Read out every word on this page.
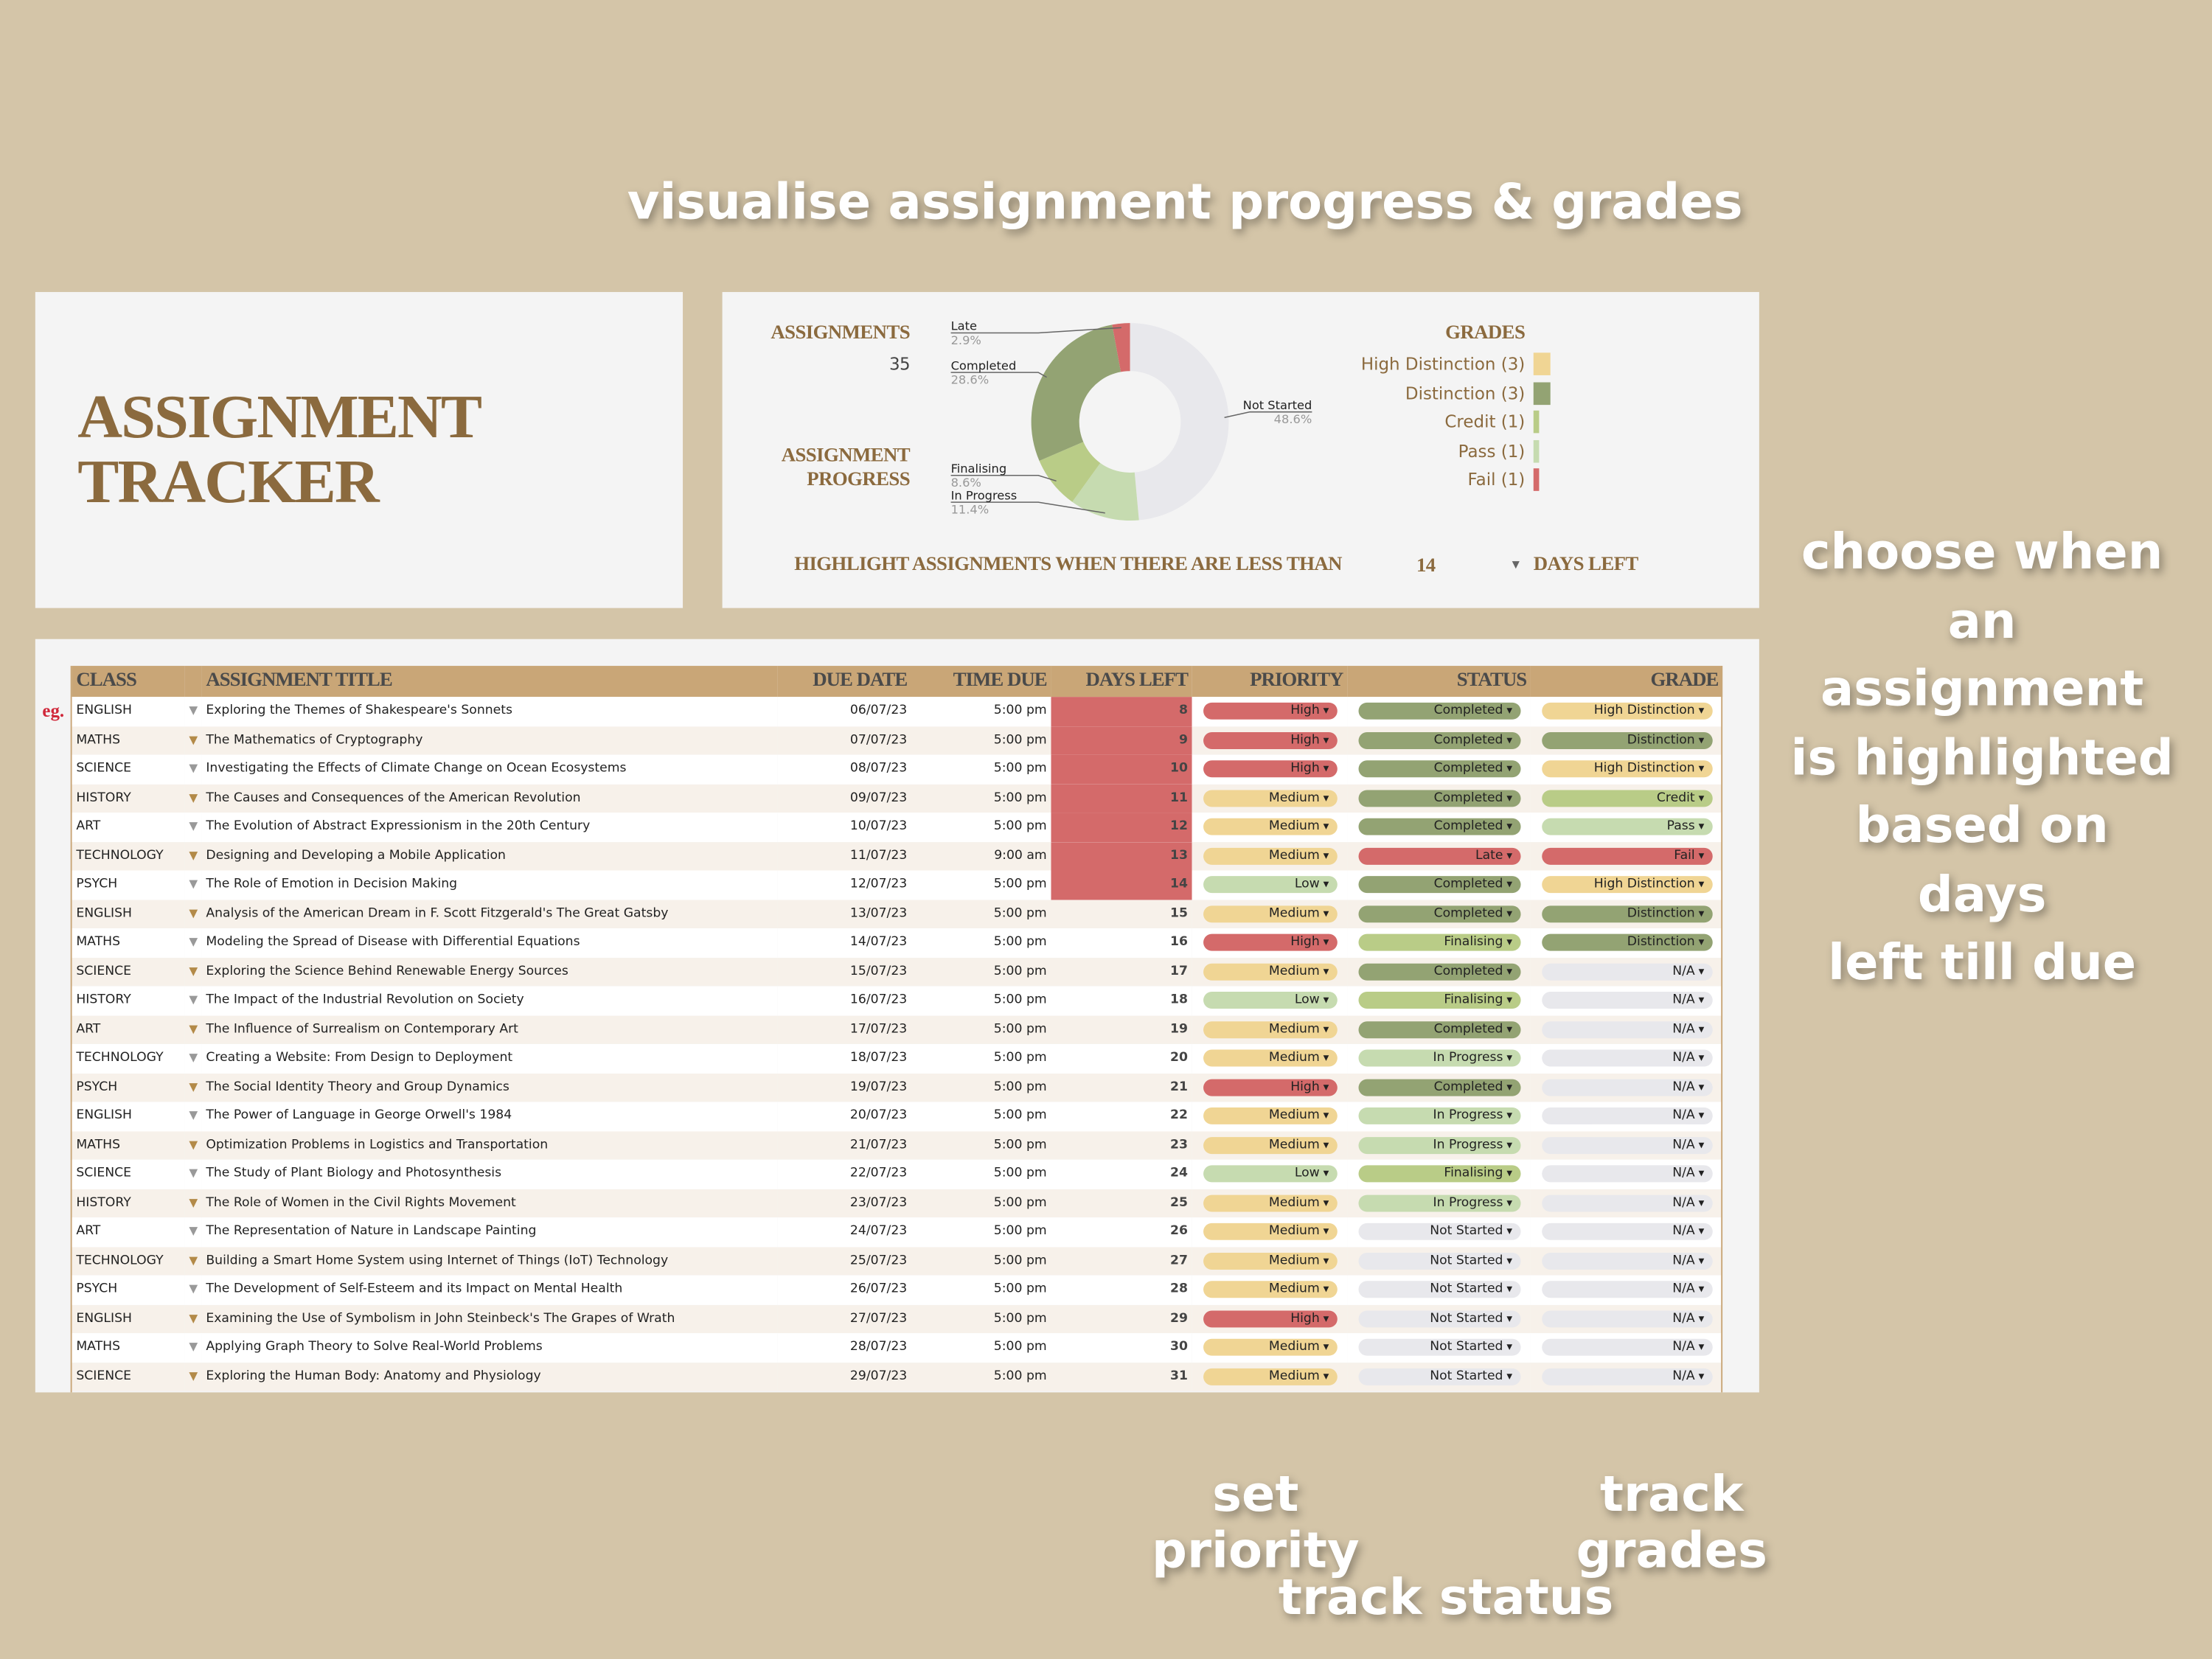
visualise assignment progress & grades
choose when
an assignment
is highlighted
based on days
left till due
set priority
track grades
track status
ASSIGNMENT
TRACKER
ASSIGNMENTS
35
ASSIGNMENT
PROGRESS
GRADES
High Distinction (3)
Distinction (3)
Credit (1)
Pass (1)
Fail (1)
HIGHLIGHT ASSIGNMENTS WHEN THERE ARE LESS THAN	14	▼ DAYS LEFT
Not Started
48.6%
In Progress
11.4%
Finalising
8.6%
Completed
28.6%
Late
2.9%
eg.
CLASS		ASSIGNMENT TITLE	DUE DATE	TIME DUE	DAYS LEFT	PRIORITY	STATUS	GRADE
ENGLISH	▼	Exploring the Themes of Shakespeare's Sonnets	06/07/23	5:00 pm	8	High ▾	Completed ▾	High Distinction ▾

MATHS	▼	The Mathematics of Cryptography	07/07/23	5:00 pm	9	High ▾	Completed ▾	Distinction ▾

SCIENCE	▼	Investigating the Effects of Climate Change on Ocean Ecosystems	08/07/23	5:00 pm	10	High ▾	Completed ▾	High Distinction ▾

HISTORY	▼	The Causes and Consequences of the American Revolution	09/07/23	5:00 pm	11	Medium ▾	Completed ▾	Credit ▾

ART	▼	The Evolution of Abstract Expressionism in the 20th Century	10/07/23	5:00 pm	12	Medium ▾	Completed ▾	Pass ▾

TECHNOLOGY	▼	Designing and Developing a Mobile Application	11/07/23	9:00 am	13	Medium ▾	Late ▾	Fail ▾

PSYCH	▼	The Role of Emotion in Decision Making	12/07/23	5:00 pm	14	Low ▾	Completed ▾	High Distinction ▾

ENGLISH	▼	Analysis of the American Dream in F. Scott Fitzgerald's The Great Gatsby	13/07/23	5:00 pm	15	Medium ▾	Completed ▾	Distinction ▾

MATHS	▼	Modeling the Spread of Disease with Differential Equations	14/07/23	5:00 pm	16	High ▾	Finalising ▾	Distinction ▾

SCIENCE	▼	Exploring the Science Behind Renewable Energy Sources	15/07/23	5:00 pm	17	Medium ▾	Completed ▾	N/A ▾

HISTORY	▼	The Impact of the Industrial Revolution on Society	16/07/23	5:00 pm	18	Low ▾	Finalising ▾	N/A ▾

ART	▼	The Influence of Surrealism on Contemporary Art	17/07/23	5:00 pm	19	Medium ▾	Completed ▾	N/A ▾

TECHNOLOGY	▼	Creating a Website: From Design to Deployment	18/07/23	5:00 pm	20	Medium ▾	In Progress ▾	N/A ▾

PSYCH	▼	The Social Identity Theory and Group Dynamics	19/07/23	5:00 pm	21	High ▾	Completed ▾	N/A ▾

ENGLISH	▼	The Power of Language in George Orwell's 1984	20/07/23	5:00 pm	22	Medium ▾	In Progress ▾	N/A ▾

MATHS	▼	Optimization Problems in Logistics and Transportation	21/07/23	5:00 pm	23	Medium ▾	In Progress ▾	N/A ▾

SCIENCE	▼	The Study of Plant Biology and Photosynthesis	22/07/23	5:00 pm	24	Low ▾	Finalising ▾	N/A ▾

HISTORY	▼	The Role of Women in the Civil Rights Movement	23/07/23	5:00 pm	25	Medium ▾	In Progress ▾	N/A ▾

ART	▼	The Representation of Nature in Landscape Painting	24/07/23	5:00 pm	26	Medium ▾	Not Started ▾	N/A ▾

TECHNOLOGY	▼	Building a Smart Home System using Internet of Things (IoT) Technology	25/07/23	5:00 pm	27	Medium ▾	Not Started ▾	N/A ▾

PSYCH	▼	The Development of Self-Esteem and its Impact on Mental Health	26/07/23	5:00 pm	28	Medium ▾	Not Started ▾	N/A ▾

ENGLISH	▼	Examining the Use of Symbolism in John Steinbeck's The Grapes of Wrath	27/07/23	5:00 pm	29	High ▾	Not Started ▾	N/A ▾

MATHS	▼	Applying Graph Theory to Solve Real-World Problems	28/07/23	5:00 pm	30	Medium ▾	Not Started ▾	N/A ▾

SCIENCE	▼	Exploring the Human Body: Anatomy and Physiology	29/07/23	5:00 pm	31	Medium ▾	Not Started ▾	N/A ▾
